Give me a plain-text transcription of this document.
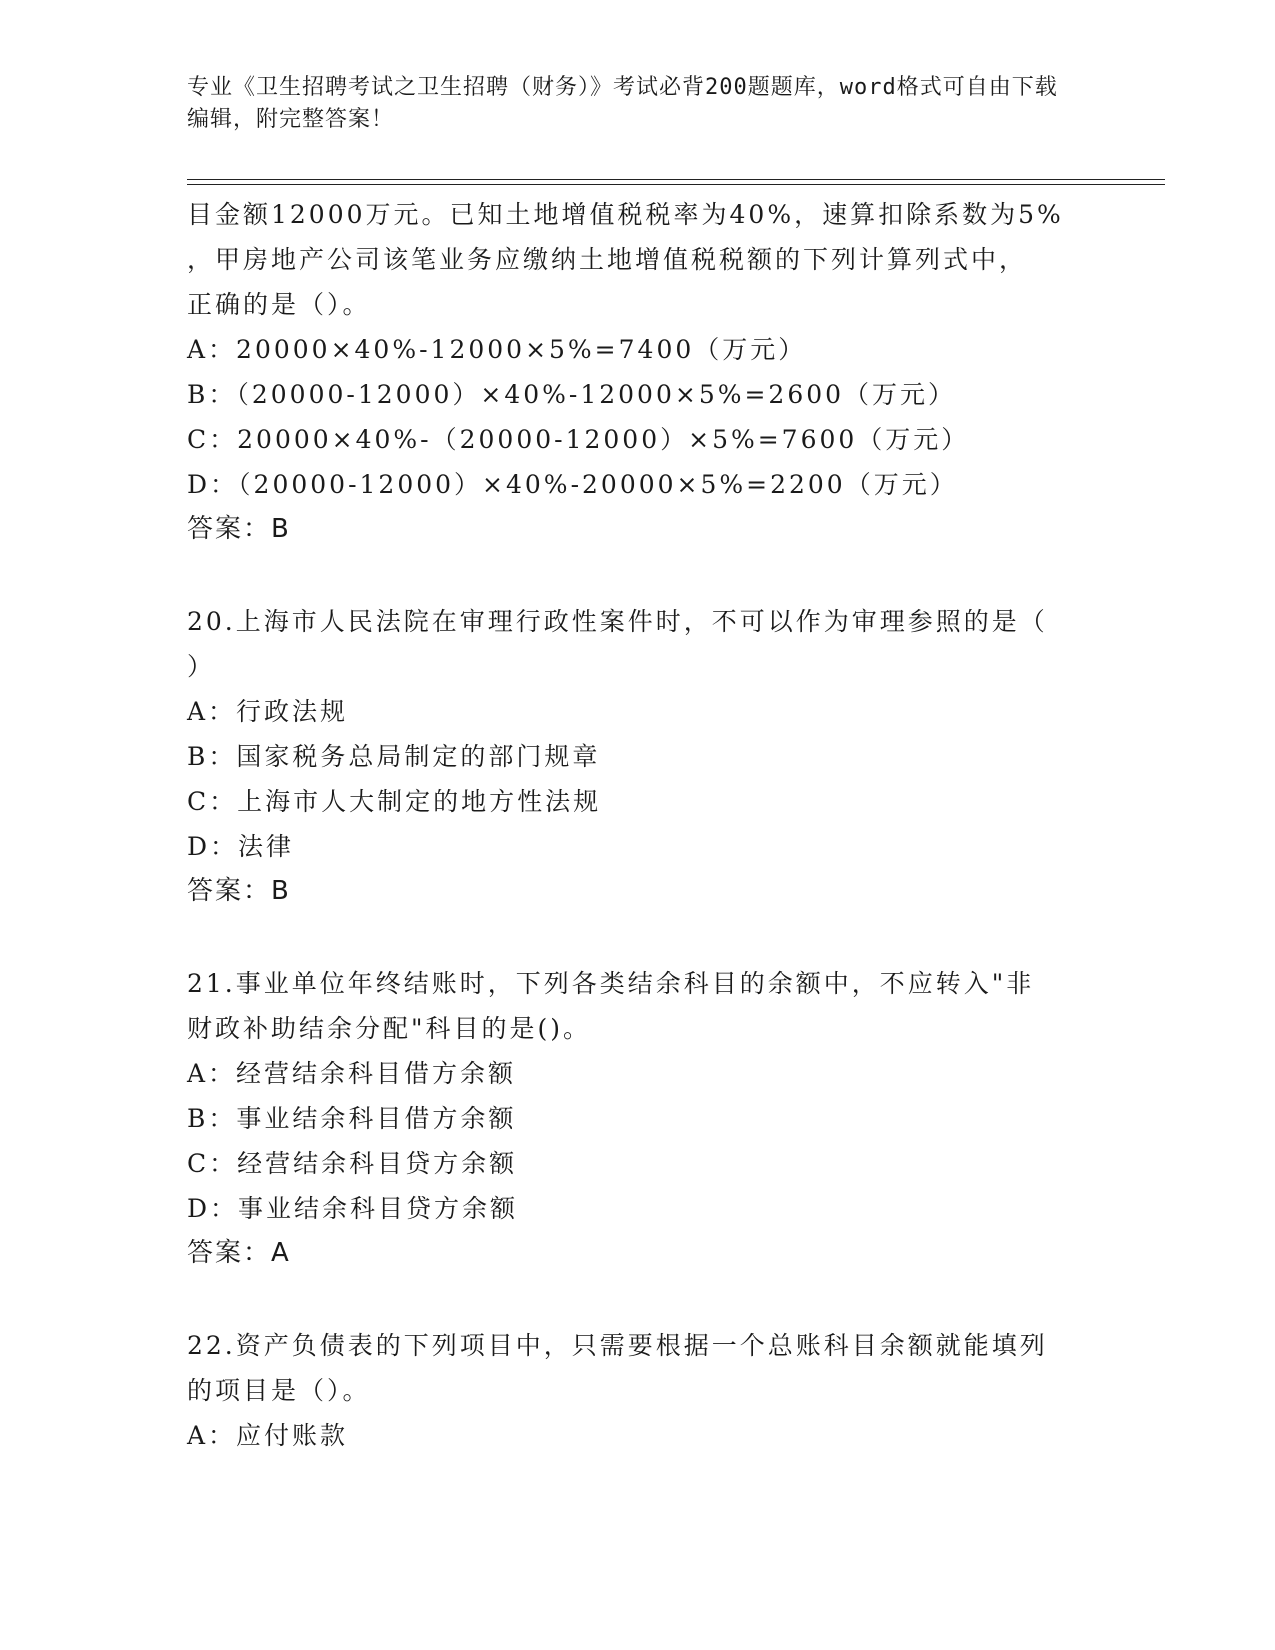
专业《卫生招聘考试之卫生招聘（财务）》考试必背200题题库，word格式可自由下载编辑，附完整答案！
目金额12000万元。已知土地增值税税率为40%，速算扣除系数为5%
，甲房地产公司该笔业务应缴纳土地增值税税额的下列计算列式中，
正确的是（）。
A：20000×40%-12000×5%=7400（万元）
B：（20000-12000）×40%-12000×5%=2600（万元）
C：20000×40%-（20000-12000）×5%=7600（万元）
D：（20000-12000）×40%-20000×5%=2200（万元）
答案：B
20.上海市人民法院在审理行政性案件时，不可以作为审理参照的是（
）
A：行政法规
B：国家税务总局制定的部门规章
C：上海市人大制定的地方性法规
D：法律
答案：B
21.事业单位年终结账时，下列各类结余科目的余额中，不应转入"非
财政补助结余分配"科目的是()。
A：经营结余科目借方余额
B：事业结余科目借方余额
C：经营结余科目贷方余额
D：事业结余科目贷方余额
答案：A
22.资产负债表的下列项目中，只需要根据一个总账科目余额就能填列
的项目是（）。
A：应付账款
